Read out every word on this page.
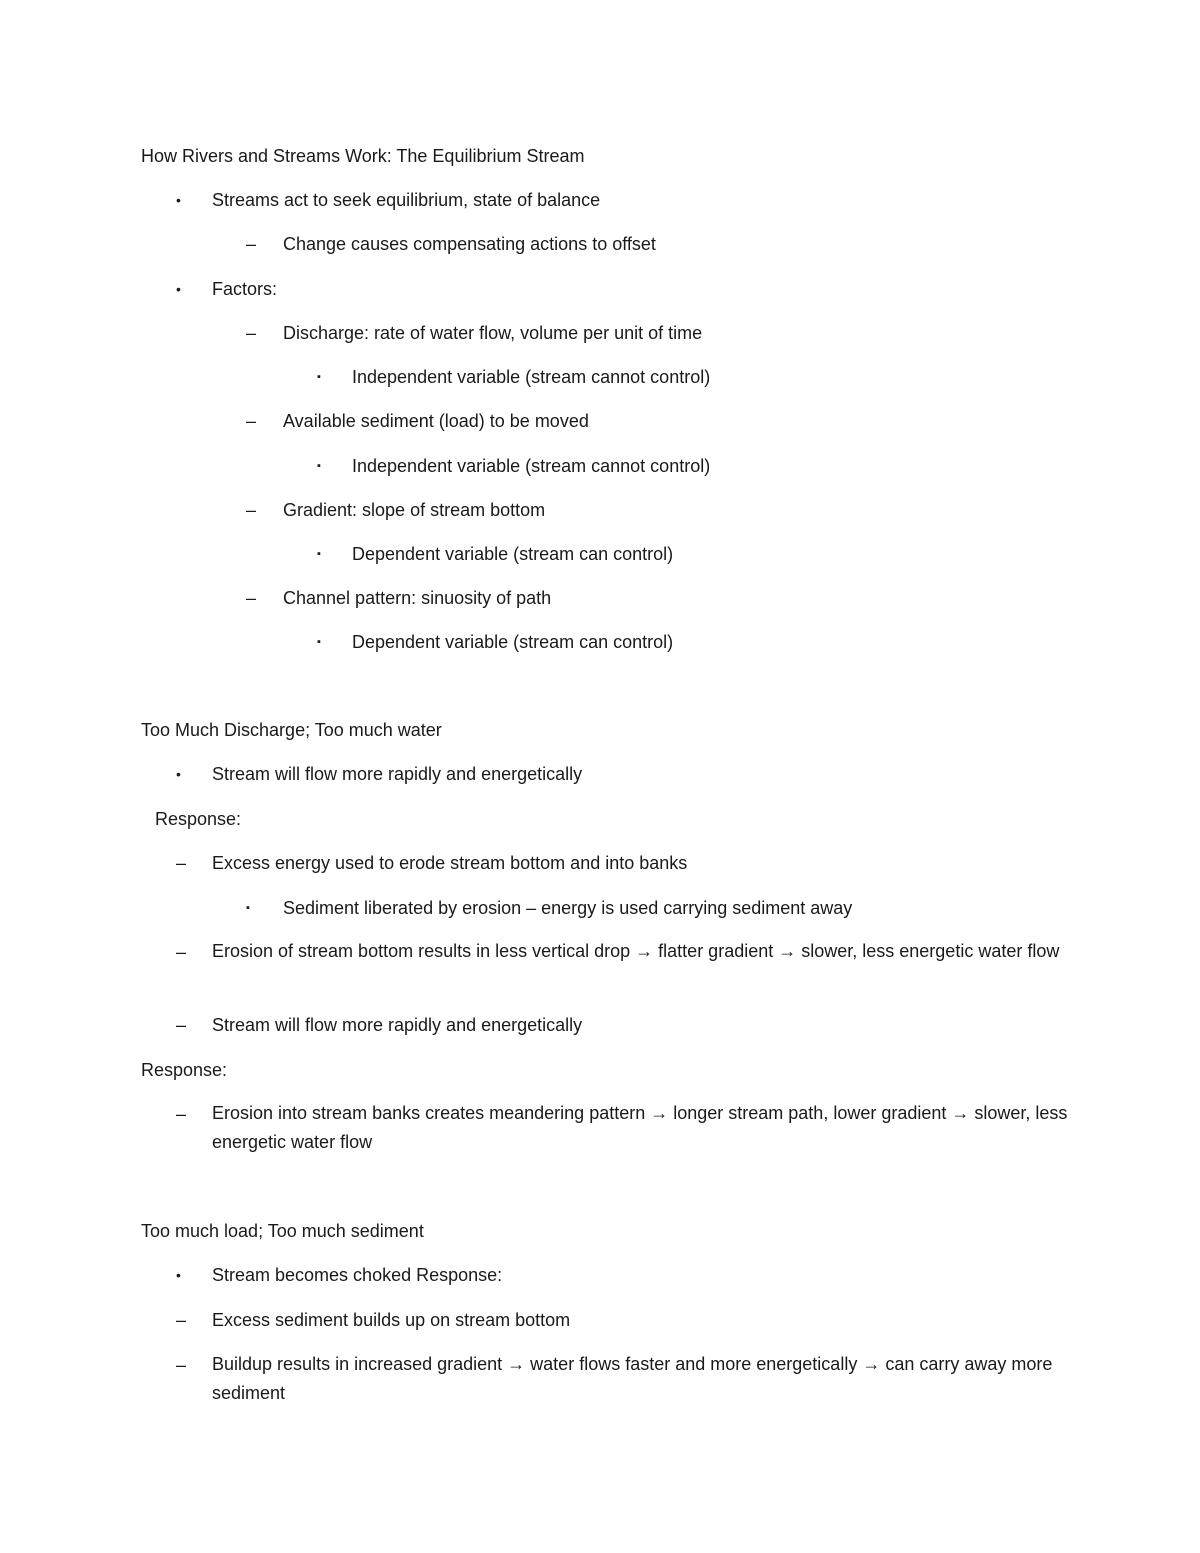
How Rivers and Streams Work: The Equilibrium Stream
• Streams act to seek equilibrium, state of balance
– Change causes compensating actions to offset
• Factors:
– Discharge: rate of water flow, volume per unit of time
▪ Independent variable (stream cannot control)
– Available sediment (load) to be moved
▪ Independent variable (stream cannot control)
– Gradient: slope of stream bottom
▪ Dependent variable (stream can control)
– Channel pattern: sinuosity of path
▪ Dependent variable (stream can control)
Too Much Discharge; Too much water
• Stream will flow more rapidly and energetically
Response:
– Excess energy used to erode stream bottom and into banks
▪ Sediment liberated by erosion – energy is used carrying sediment away
– Erosion of stream bottom results in less vertical drop → flatter gradient → slower, less energetic water flow
– Stream will flow more rapidly and energetically
Response:
– Erosion into stream banks creates meandering pattern → longer stream path, lower gradient → slower, less energetic water flow
Too much load; Too much sediment
• Stream becomes choked Response:
– Excess sediment builds up on stream bottom
– Buildup results in increased gradient → water flows faster and more energetically → can carry away more sediment
